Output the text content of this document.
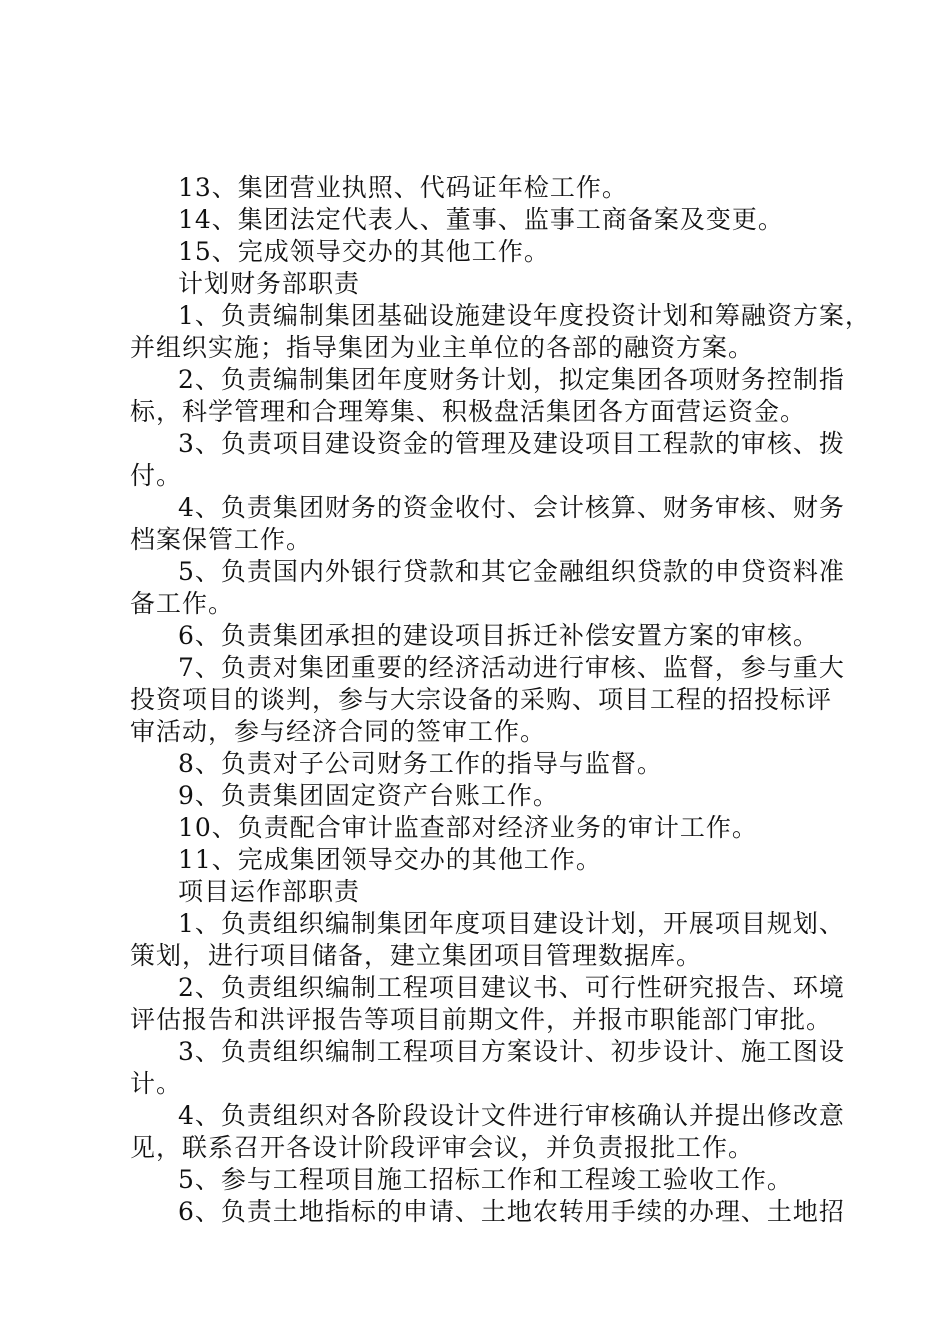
13、集团营业执照、代码证年检工作。
14、集团法定代表人、董事、监事工商备案及变更。
15、完成领导交办的其他工作。
计划财务部职责
1、负责编制集团基础设施建设年度投资计划和筹融资方案，
并组织实施；指导集团为业主单位的各部的融资方案。
2、负责编制集团年度财务计划，拟定集团各项财务控制指
标，科学管理和合理筹集、积极盘活集团各方面营运资金。
3、负责项目建设资金的管理及建设项目工程款的审核、拨
付。
4、负责集团财务的资金收付、会计核算、财务审核、财务
档案保管工作。
5、负责国内外银行贷款和其它金融组织贷款的申贷资料准
备工作。
6、负责集团承担的建设项目拆迁补偿安置方案的审核。
7、负责对集团重要的经济活动进行审核、监督，参与重大
投资项目的谈判，参与大宗设备的采购、项目工程的招投标评
审活动，参与经济合同的签审工作。
8、负责对子公司财务工作的指导与监督。
9、负责集团固定资产台账工作。
10、负责配合审计监查部对经济业务的审计工作。
11、完成集团领导交办的其他工作。
项目运作部职责
1、负责组织编制集团年度项目建设计划，开展项目规划、
策划，进行项目储备，建立集团项目管理数据库。
2、负责组织编制工程项目建议书、可行性研究报告、环境
评估报告和洪评报告等项目前期文件，并报市职能部门审批。
3、负责组织编制工程项目方案设计、初步设计、施工图设
计。
4、负责组织对各阶段设计文件进行审核确认并提出修改意
见，联系召开各设计阶段评审会议，并负责报批工作。
5、参与工程项目施工招标工作和工程竣工验收工作。
6、负责土地指标的申请、土地农转用手续的办理、土地招
